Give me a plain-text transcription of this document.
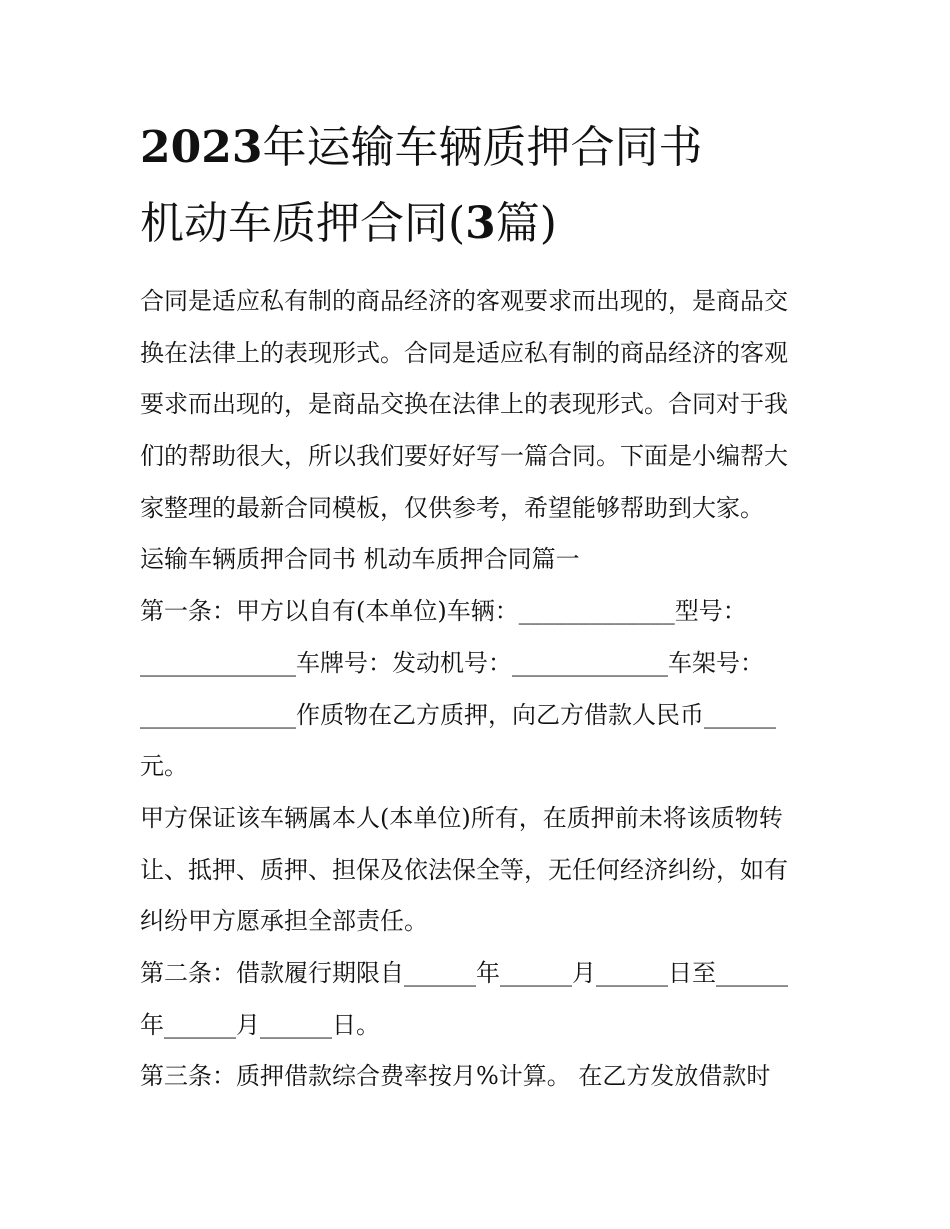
2023年运输车辆质押合同书
机动车质押合同(3篇)

合同是适应私有制的商品经济的客观要求而出现的，是商品交
换在法律上的表现形式。合同是适应私有制的商品经济的客观
要求而出现的，是商品交换在法律上的表现形式。合同对于我
们的帮助很大，所以我们要好好写一篇合同。下面是小编帮大
家整理的最新合同模板，仅供参考，希望能够帮助到大家。

运输车辆质押合同书 机动车质押合同篇一

第一条：甲方以自有(本单位)车辆：_____________型号：
_____________车牌号：发动机号：_____________车架号：
_____________作质物在乙方质押，向乙方借款人民币______
元。

甲方保证该车辆属本人(本单位)所有，在质押前未将该质物转
让、抵押、质押、担保及依法保全等，无任何经济纠纷，如有
纠纷甲方愿承担全部责任。

第二条：借款履行期限自______年______月______日至______
年______月______日。

第三条：质押借款综合费率按月%计算。 在乙方发放借款时
